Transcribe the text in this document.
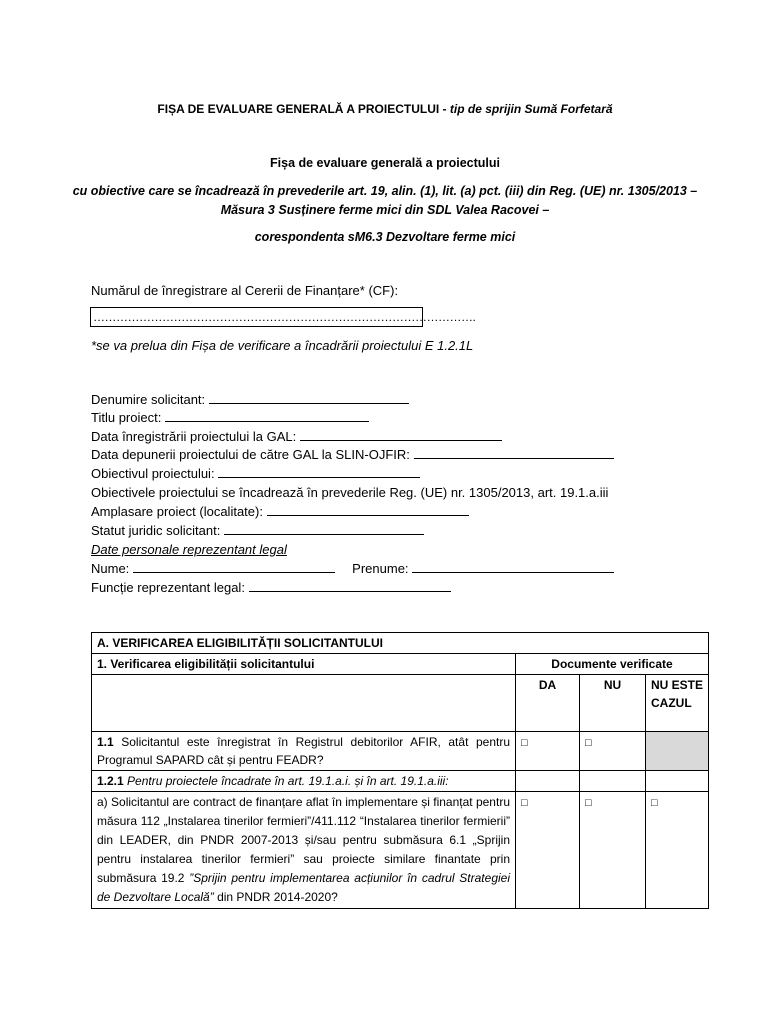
FIȘA DE EVALUARE GENERALĂ A PROIECTULUI - tip de sprijin Sumă Forfetară
Fișa de evaluare generală a proiectului
cu obiective care se încadrează în prevederile art. 19, alin. (1), lit. (a) pct. (iii) din Reg. (UE) nr. 1305/2013 – Măsura 3 Susținere ferme mici din SDL Valea Racovei –
corespondenta sM6.3 Dezvoltare ferme mici
Numărul de înregistrare al Cererii de Finanțare* (CF):
……………………………………………………………………………………….
*se va prelua din Fișa de verificare a încadrării proiectului E 1.2.1L
Denumire solicitant:
Titlu proiect:
Data înregistrării proiectului la GAL:
Data depunerii proiectului de către GAL la SLIN-OJFIR:
Obiectivul proiectului:
Obiectivele proiectului se încadrează în prevederile Reg. (UE) nr. 1305/2013, art. 19.1.a.iii
Amplasare proiect (localitate):
Statut juridic solicitant:
Date personale reprezentant legal
Nume:	Prenume:
Funcție reprezentant legal:
A. VERIFICAREA ELIGIBILITĂȚII SOLICITANTULUI			
1. Verificarea eligibilității solicitantului	Documente verificate		
	DA	NU	NU ESTE CAZUL
1.1 Solicitantul este înregistrat în Registrul debitorilor AFIR, atât pentru Programul SAPARD cât și pentru FEADR?	□	□	
1.2.1 Pentru proiectele încadrate în art. 19.1.a.i. și în art. 19.1.a.iii:			
a) Solicitantul are contract de finanțare aflat în implementare și finanțat pentru măsura 112 „Instalarea tinerilor fermieri”/411.112 “Instalarea tinerilor fermierii” din LEADER, din PNDR 2007-2013 și/sau pentru submăsura 6.1 „Sprijin pentru instalarea tinerilor fermieri” sau proiecte similare finantate prin submăsura 19.2 ”Sprijin pentru implementarea acțiunilor în cadrul Strategiei de Dezvoltare Locală” din PNDR 2014-2020?	□	□	□
